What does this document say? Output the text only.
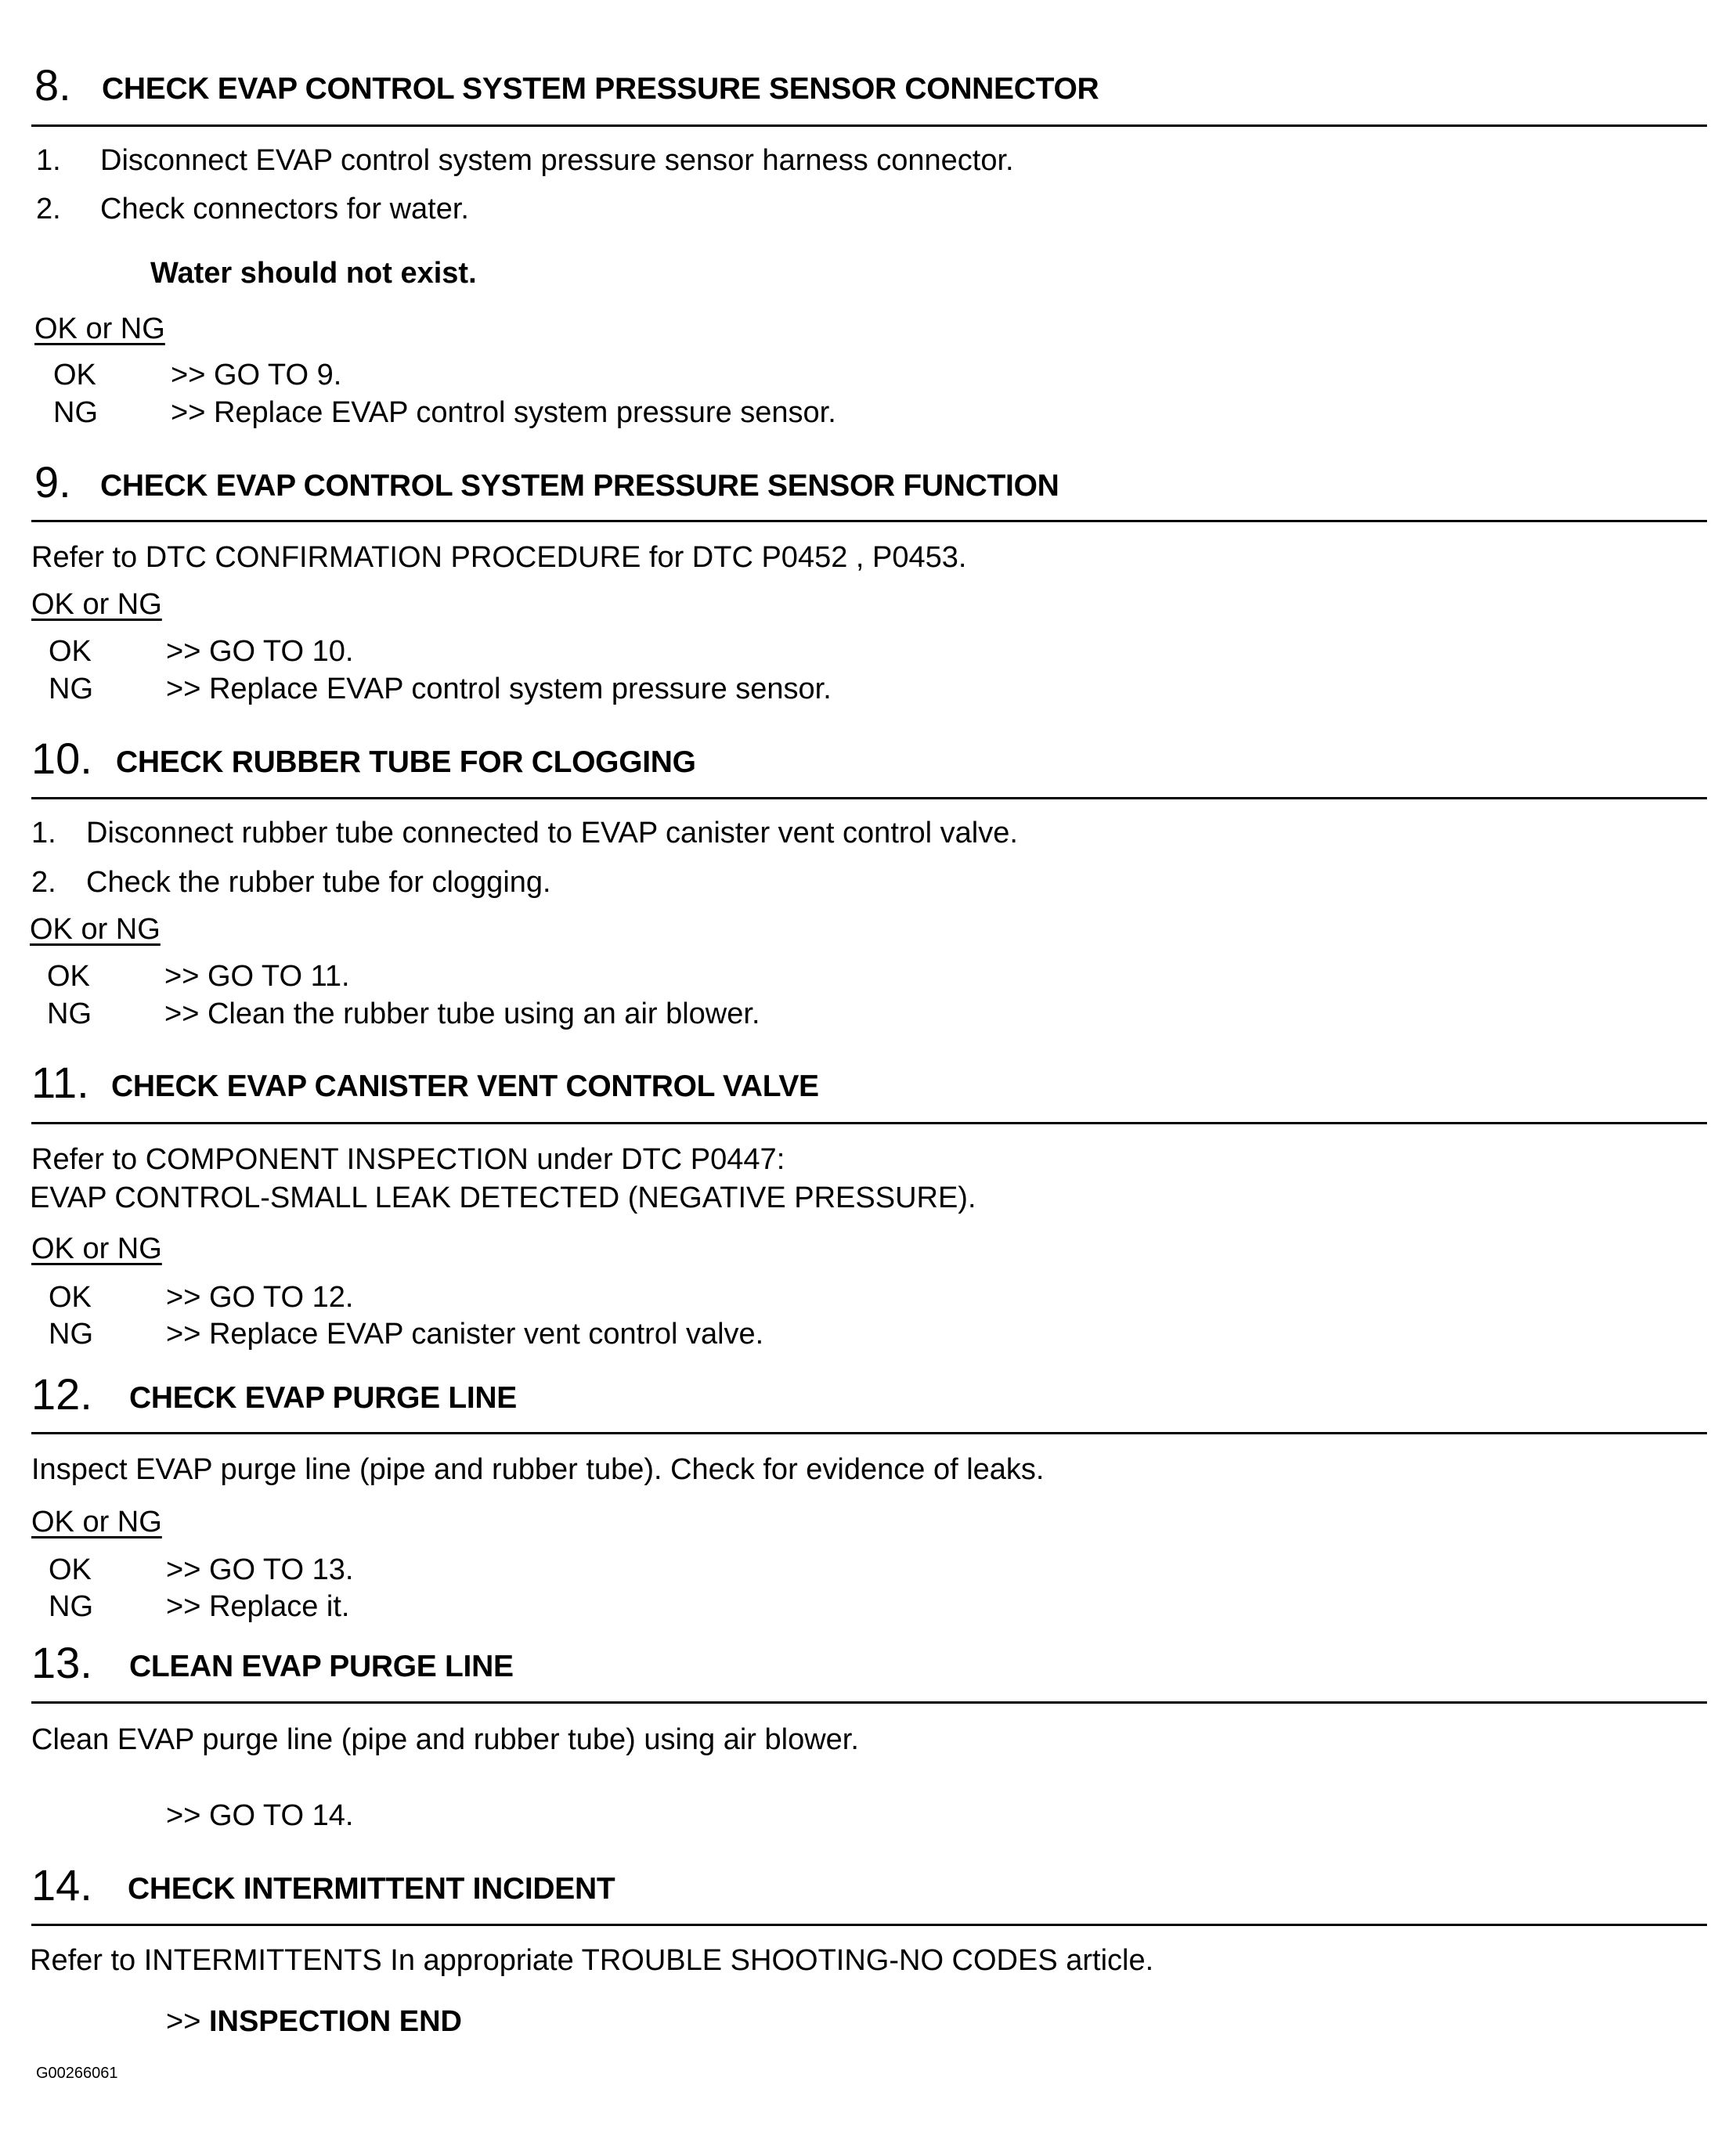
8. CHECK EVAP CONTROL SYSTEM PRESSURE SENSOR CONNECTOR
1. Disconnect EVAP control system pressure sensor harness connector.
2. Check connectors for water.
Water should not exist.
OK or NG
OK	>> GO TO 9.
NG >> Replace EVAP control system pressure sensor.
9. CHECK EVAP CONTROL SYSTEM PRESSURE SENSOR FUNCTION
Refer to DTC CONFIRMATION PROCEDURE for DTC P0452 , P0453.
OK or NG
OK	>> GO TO 10.
NG >> Replace EVAP control system pressure sensor.
10. CHECK RUBBER TUBE FOR CLOGGING
1. Disconnect rubber tube connected to EVAP canister vent control valve.
2. Check the rubber tube for clogging.
OK or NG
OK	>> GO TO 11.
NG >> Clean the rubber tube using an air blower.
11. CHECK EVAP CANISTER VENT CONTROL VALVE
Refer to COMPONENT INSPECTION under DTC P0447:
EVAP CONTROL-SMALL LEAK DETECTED (NEGATIVE PRESSURE).
OK or NG
OK	>> GO TO 12.
NG >> Replace EVAP canister vent control valve.
12. CHECK EVAP PURGE LINE
Inspect EVAP purge line (pipe and rubber tube). Check for evidence of leaks.
OK or NG
OK	>> GO TO 13.
NG >> Replace it.
13. CLEAN EVAP PURGE LINE
Clean EVAP purge line (pipe and rubber tube) using air blower.
>> GO TO 14.
14. CHECK INTERMITTENT INCIDENT
Refer to INTERMITTENTS In appropriate TROUBLE SHOOTING-NO CODES article.
>> INSPECTION END
G00266061
